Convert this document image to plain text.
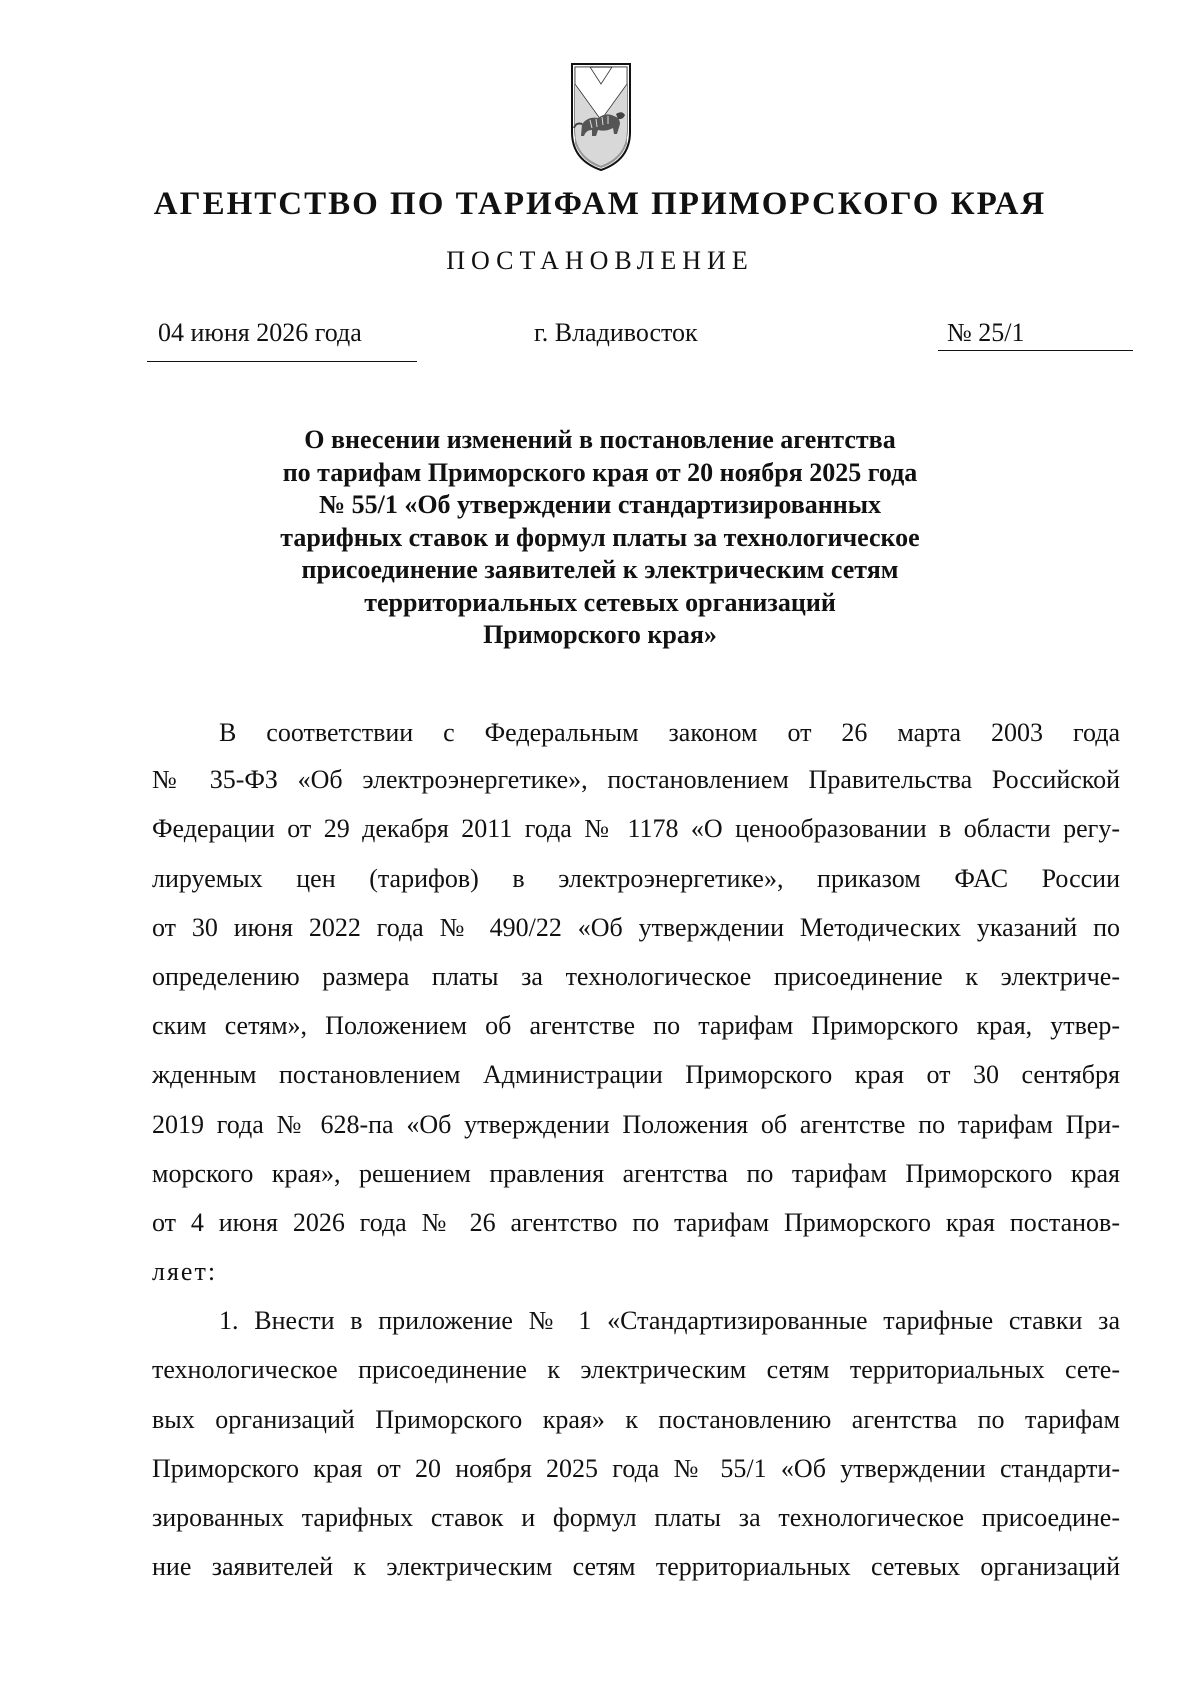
АГЕНТСТВО ПО ТАРИФАМ ПРИМОРСКОГО КРАЯ
ПОСТАНОВЛЕНИЕ
04 июня 2026 года	г. Владивосток	№ 25/1
О внесении изменений в постановление агентства
по тарифам Приморского края от 20 ноября 2025 года
№ 55/1 «Об утверждении стандартизированных
тарифных ставок и формул платы за технологическое
присоединение заявителей к электрическим сетям
территориальных сетевых организаций
Приморского края»
В соответствии с Федеральным законом от 26 марта 2003 года
№ 35-ФЗ «Об электроэнергетике», постановлением Правительства Российской
Федерации от 29 декабря 2011 года № 1178 «О ценообразовании в области регу-
лируемых цен (тарифов) в электроэнергетике», приказом ФАС России
от 30 июня 2022 года № 490/22 «Об утверждении Методических указаний по
определению размера платы за технологическое присоединение к электриче-
ским сетям», Положением об агентстве по тарифам Приморского края, утвер-
жденным постановлением Администрации Приморского края от 30 сентября
2019 года № 628-па «Об утверждении Положения об агентстве по тарифам При-
морского края», решением правления агентства по тарифам Приморского края
от 4 июня 2026 года № 26 агентство по тарифам Приморского края постанов-
ляет:
1. Внести в приложение № 1 «Стандартизированные тарифные ставки за
технологическое присоединение к электрическим сетям территориальных сете-
вых организаций Приморского края» к постановлению агентства по тарифам
Приморского края от 20 ноября 2025 года № 55/1 «Об утверждении стандарти-
зированных тарифных ставок и формул платы за технологическое присоедине-
ние заявителей к электрическим сетям территориальных сетевых организаций
